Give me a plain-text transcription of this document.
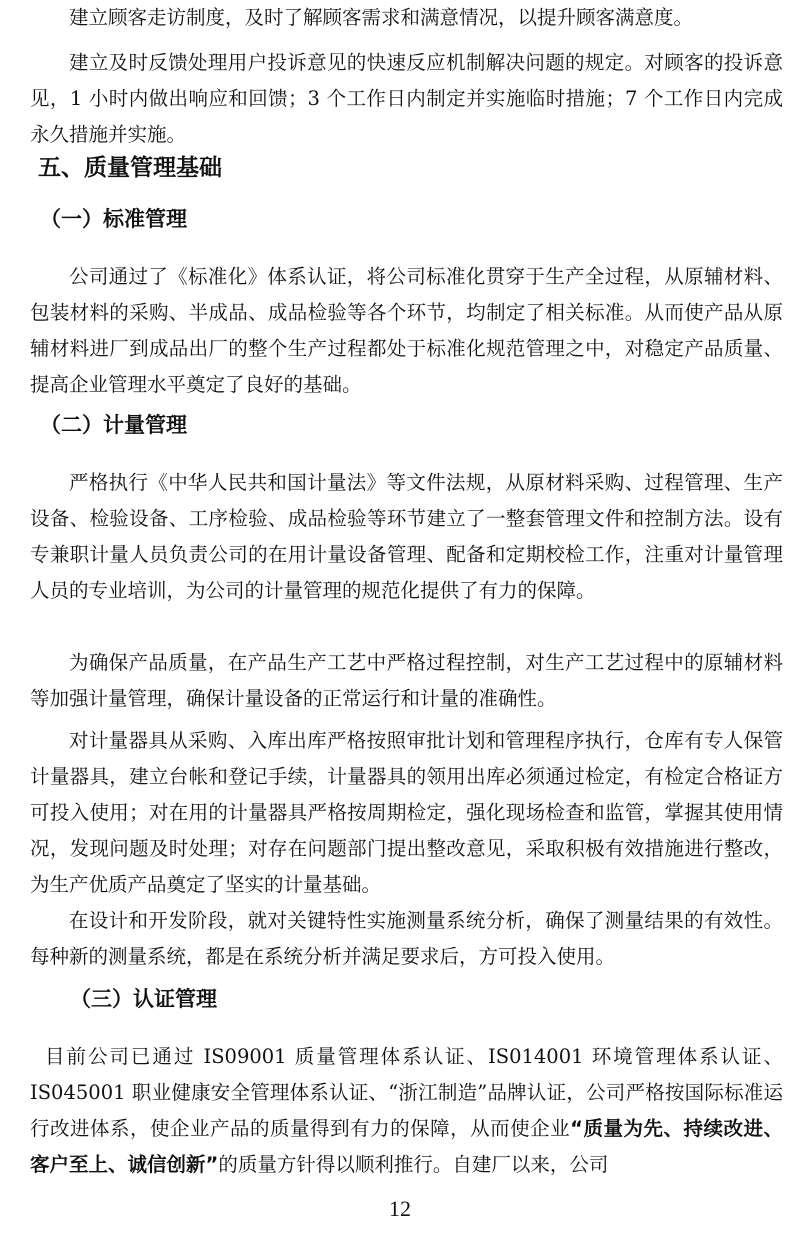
建立顾客走访制度，及时了解顾客需求和满意情况，以提升顾客满意度。

建立及时反馈处理用户投诉意见的快速反应机制解决问题的规定。对顾客的投诉意见，1 小时内做出响应和回馈；3 个工作日内制定并实施临时措施；7 个工作日内完成永久措施并实施。

五、质量管理基础
（一）标准管理

公司通过了《标准化》体系认证，将公司标准化贯穿于生产全过程，从原辅材料、包装材料的采购、半成品、成品检验等各个环节，均制定了相关标准。从而使产品从原辅材料进厂到成品出厂的整个生产过程都处于标准化规范管理之中，对稳定产品质量、提高企业管理水平奠定了良好的基础。

（二）计量管理

严格执行《中华人民共和国计量法》等文件法规，从原材料采购、过程管理、生产设备、检验设备、工序检验、成品检验等环节建立了一整套管理文件和控制方法。设有专兼职计量人员负责公司的在用计量设备管理、配备和定期校检工作，注重对计量管理人员的专业培训，为公司的计量管理的规范化提供了有力的保障。

为确保产品质量，在产品生产工艺中严格过程控制，对生产工艺过程中的原辅材料等加强计量管理，确保计量设备的正常运行和计量的准确性。

对计量器具从采购、入库出库严格按照审批计划和管理程序执行，仓库有专人保管计量器具，建立台帐和登记手续，计量器具的领用出库必须通过检定，有检定合格证方可投入使用；对在用的计量器具严格按周期检定，强化现场检查和监管，掌握其使用情况，发现问题及时处理；对存在问题部门提出整改意见，采取积极有效措施进行整改，为生产优质产品奠定了坚实的计量基础。

在设计和开发阶段，就对关键特性实施测量系统分析，确保了测量结果的有效性。每种新的测量系统，都是在系统分析并满足要求后，方可投入使用。

（三）认证管理

目前公司已通过 IS09001 质量管理体系认证、IS014001 环境管理体系认证、IS045001 职业健康安全管理体系认证、“浙江制造”品牌认证，公司严格按国际标准运行改进体系，使企业产品的质量得到有力的保障，从而使企业“质量为先、持续改进、客户至上、诚信创新”的质量方针得以顺利推行。自建厂以来，公司

12
